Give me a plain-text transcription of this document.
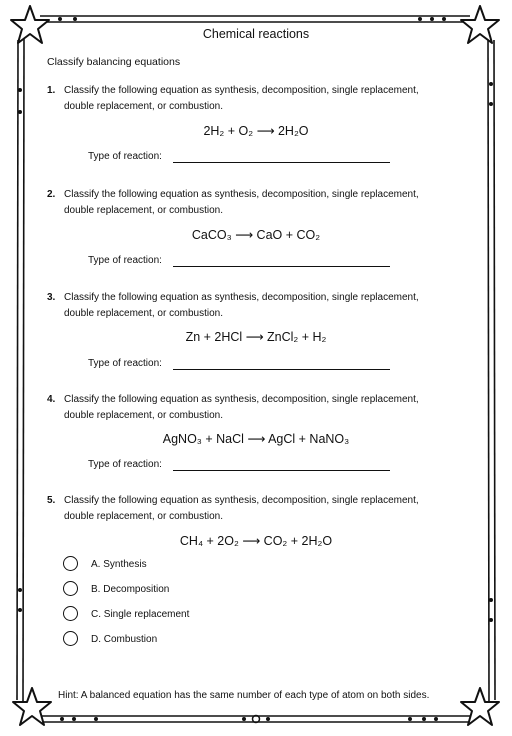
Chemical reactions
Classify balancing equations
1. Classify the following equation as synthesis, decomposition, single replacement, double replacement, or combustion.
2H₂ + O₂ ⟶ 2H₂O
Type of reaction:
2. Classify the following equation as synthesis, decomposition, single replacement, double replacement, or combustion.
CaCO₃ ⟶ CaO + CO₂
Type of reaction:
3. Classify the following equation as synthesis, decomposition, single replacement, double replacement, or combustion.
Zn + 2HCl ⟶ ZnCl₂ + H₂
Type of reaction:
4. Classify the following equation as synthesis, decomposition, single replacement, double replacement, or combustion.
AgNO₃ + NaCl ⟶ AgCl + NaNO₃
Type of reaction:
5. Classify the following equation as synthesis, decomposition, single replacement, double replacement, or combustion.
CH₄ + 2O₂ ⟶ CO₂ + 2H₂O
A. Synthesis
B. Decomposition
C. Single replacement
D. Combustion
Hint: A balanced equation has the same number of each type of atom on both sides.
